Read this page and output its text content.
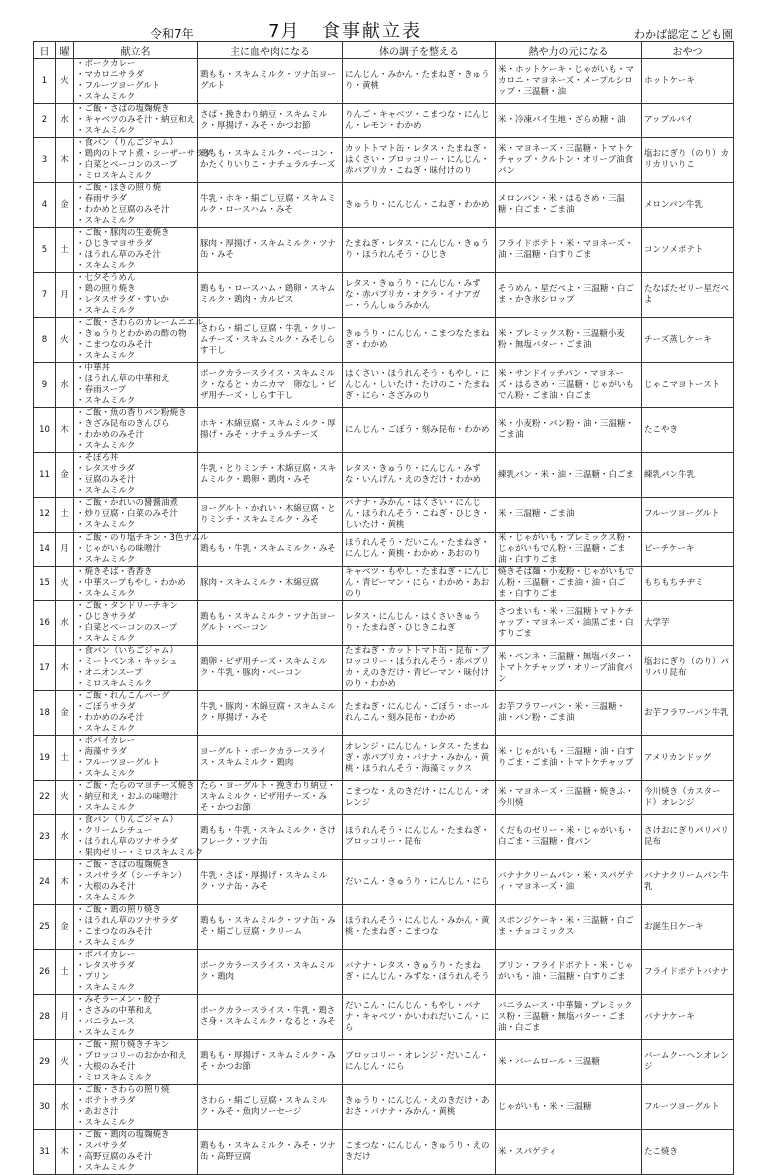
令和7年	7月 食事献立表	わかば認定こども園
日	曜	献立名	主に血や肉になる	体の調子を整える	熱や力の元になる	おやつ
1	火	・ポークカレー
・マカロニサラダ
・フルーツヨーグルト
・スキムミルク	鶏もも・スキムミルク・ツナ缶ヨーグルト	にんじん・みかん・たまねぎ・きゅうり・黄桃	米・ホットケーキ・じゃがいも・マカロニ・マヨネーズ・メープルシロップ・三温糖・油	ホットケーキ
2	水	・ご飯・さばの塩麹焼き
・キャベツのみそ汁・納豆和え
・スキムミルク	さば・挽きわり納豆・スキムミルク・厚揚げ・みそ・かつお節	りんご・キャベツ・こまつな・にんじん・レモン・わかめ	米・冷凍パイ生地・ざらめ糖・油	アップルパイ
3	木	・食パン（りんごジャム）
・鶏肉のトマト煮・シーザーサラダ
・白菜とベーコンのスープ
・ミロスキムミルク	鶏もも・スキムミルク・ベーコン・かたくりいりこ・ナチュラルチーズ	カットトマト缶・レタス・たまねぎ・はくさい・ブロッコリー・にんじん・赤パプリカ・こねぎ・昧付けのり	米・マヨネーズ・三温糖・トマトケチャップ・クルトン・オリーブ油食パン	塩おにぎり（のり）カリカリいりこ
4	金	・ご飯・ほきの照り焼
・春雨サラダ
・わかめと豆腐のみそ汁
・スキムミルク	牛乳・ホキ・絹ごし豆腐・スキムミルク・ロースハム・みそ	きゅうり・にんじん・こねぎ・わかめ	メロンパン・米・はるさめ・三温糖・白ごま・ごま油	メロンパン牛乳
5	土	・ご飯・豚肉の生姜焼き
・ひじきマヨサラダ
・ほうれん草のみそ汁
・スキムミルク	豚肉・厚揚げ・スキムミルク・ツナ缶・みそ	たまねぎ・レタス・にんじん・きゅうり・ほうれんそう・ひじき	フライドポテト・米・マヨネーズ・油・三温糖・白すりごま	コンソメポテト
7	月	・七夕そうめん
・鶏の照り焼き
・レタスサラダ・すいか
・スキムミルク	鶏もも・ロースハム・鶏卵・スキムミルク・鶏肉・カルピス	レタス・きゅうり・にんじん・みずな・赤パプリカ・オクラ・イナアガー・うんしゅうみかん	そうめん・星だぺよ・三温糖・白ごま・かき氷シロップ	たなばたゼリー星だぺよ
8	火	・ご飯・さわらのカレームニエル
・きゅうりとわかめの酢の物
・こまつなのみそ汁
・スキムミルク	さわら・絹ごし豆腐・牛乳・クリームチーズ・スキムミルク・みそしらす干し	きゅうり・にんじん・こまつなたまねぎ・わかめ	米・プレミックス粉・三温糖小麦粉・無塩バター・ごま油	チーズ蒸しケーキ
9	水	・中華丼
・ほうれん草の中華和え
・春雨スープ
・スキムミルク	ポークカラースライス・スキムミルク・なると・カニカマ　卵なし・ピザ用チーズ・しらす干し	はくさい・ほうれんそう・もやし・にんじん・しいたけ・たけのこ・たまねぎ・にら・さざみのり	米・サンドイッチパン・マヨネーズ・はるさめ・三温糖・じゃがいもでん粉・ごま油・白ごま	じゃこマヨトースト
10	木	・ご飯・魚の香りパン粉焼き
・きざみ昆布のきんぴら
・わかめのみそ汁
・スキムミルク	ホキ・木綿豆腐・スキムミルク・厚揚げ・みそ・ナチュラルチーズ	にんじん・ごぼう・刻み昆布・わかめ	米・小麦粉・パン粉・油・三温糖・ごま油	たこやき
11	金	・そぼろ丼
・レタスサラダ
・豆腐のみそ汁
・スキムミルク	牛乳・とりミンチ・木綿豆腐・スキムミルク・鶏卵・鶏肉・みそ	レタス・きゅうり・にんじん・みずな・いんげん・えのきだけ・わかめ	練乳パン・米・油・三温糖・白ごま	練乳パン牛乳
12	土	・ご飯・かれいの醤醤油煮
・炒り豆腐・白菜のみそ汁
・スキムミルク	ヨーグルト・かれい・木綿豆腐・とりミンチ・スキムミルク・みそ	バナナ・みかん・はくさい・にんじん・ほうれんそう・こねぎ・ひじき・しいたけ・黄桃	米・三温糖・ごま油	フルーツヨーグルト
14	月	・ご飯・のり塩チキン・3色ナムル
・じゃがいもの味噌汁
・スキムミルク	鶏もも・牛乳・スキムミルク・みそ	ほうれんそう・だいこん・たまねぎ・にんじん・黄桃・わかめ・あおのり	米・じゃがいも・プレミックス粉・じゃがいもでん粉・三温糖・ごま油・白すりごま	ピーチケーキ
15	火	・焼きそば・香香き
・中華スープもやし・わかめ
・スキムミルク	豚肉・スキムミルク・木綿豆腐	キャベツ・もやし・たまねぎ・にんじん・青ピーマン・にら・わかめ・あおのり	焼きそば麺・小麦粉・じゃがいもでん粉・三温糖・ごま油・油・白ごま・白すりごま	もちもちチヂミ
16	水	・ご飯・タンドリーチキン
・ひじきサラダ
・白菜とベーコンのスープ
・スキムミルク	鶏もも・スキムミルク・ツナ缶ヨーグルト・ベーコン	レタス・にんじん・はくさいきゅうり・たまねぎ・ひじきこねぎ	さつまいも・米・三温糖トマトケチャップ・マヨネーズ・油黒ごま・白すりごま	大学芋
17	木	・食パン（いちごジャム）
・ミートペンネ・キッシュ
・オニオンスープ
・ミロスキムミルク	鶏卵・ピザ用チーズ・スキムミルク・牛乳・豚肉・ベーコン	たまねぎ・カットトマト缶・昆布・ブロッコリー・ほうれんそう・赤パプリカ・えのきだけ・青ピーマン・昧付けのり・わかめ	米・ペンネ・三温糖・無塩バター・トマトケチャップ・オリーブ油食パン	塩おにぎり（のり）パリパリ昆布
18	金	・ご飯・れんこんバーグ
・ごぼうサラダ
・わかめのみそ汁
・スキムミルク	牛乳・豚肉・木綿豆腐・スキムミルク・厚揚げ・みそ	たまねぎ・にんじん・ごぼう・ホールれんこん・刻み昆布・わかめ	お芋フラワーパン・米・三温糖・油・パン粉・ごま油	お芋フラワーパン牛乳
19	土	・ポパイカレー
・海藻サラダ
・フルーツヨーグルト
・スキムミルク	ヨーグルト・ポークカラースライス・スキムミルク・鶏肉	オレンジ・にんじん・レタス・たまねぎ・赤パプリカ・バナナ・みかん・黄桃・ほうれんそう・海藻ミックス	米・じゃがいも・三温糖・油・白すりごま・ごま油・トマトケチャップ	アメリカンドッグ
22	火	・ご飯・たらのマヨチーズ焼き
・納豆和え・おふの味噌汁
・スキムミルク	たら・ヨーグルト・挽きわり納豆・スキムミルク・ピザ用チーズ・みそ・かつお節	こまつな・えのきだけ・にんじん・オレンジ	米・マヨネーズ・三温糖・焼きふ・今川焼	今川焼き（カスタード）オレンジ
23	水	・食パン（りんごジャム）
・クリームシチュー
・ほうれん草のツナサラダ
・果肉ゼリー・ミロスキムミルク	鶏もも・牛乳・スキムミルク・さけフレーク・ツナ缶	ほうれんそう・にんじん・たまねぎ・ブロッコリー・昆布	くだものゼリー・米・じゃがいも・白ごま・三温糖・食パン	さけおにぎりパリパリ昆布
24	木	・ご飯・さばの塩麹焼き
・スパサラダ（シーチキン）
・大根のみそ汁
・スキムミルク	牛乳・さば・厚揚げ・スキムミルク・ツナ缶・みそ	だいこん・きゅうり・にんじん・にら	バナナクリームパン・米・スパゲティ・マヨネーズ・油	バナナクリームパン牛乳
25	金	・ご飯・鶏の照り焼き
・ほうれん草のツナサラダ
・こまつなのみそ汁
・スキムミルク	鶏もも・スキムミルク・ツナ缶・みそ・絹ごし豆腐・クリーム	ほうれんそう・にんじん・みかん・黄桃・たまねぎ・こまつな	スポンジケーキ・米・三温糖・白ごま・チョコミックス	お誕生日ケーキ
26	土	・ポパイカレー
・レタスサラダ
・プリン
・スキムミルク	ポークカラースライス・スキムミルク・鶏肉	バナナ・レタス・きゅうり・たまねぎ・にんじん・みずな・ほうれんそう	プリン・フライドポテト・米・じゃがいも・油・三温糖・白すりごま	フライドポテトバナナ
28	月	・みそラーメン・餃子
・ささみの中華和え
・バニラムース
・スキムミルク	ポークカラースライス・牛乳・鶏ささ身・スキムミルク・なると・みそ	だいこん・にんじん・もやし・バナナ・キャベツ・かいわれだいこん・にら	バニラムース・中華麺・プレミックス粉・三温糖・無塩バター・ごま油・白ごま	バナナケーキ
29	火	・ご飯・照り焼きチキン
・ブロッコリーのおかか和え
・大根のみそ汁
・ミロスキムミルク	鶏もも・厚揚げ・スキムミルク・みそ・かつお節	ブロッコリー・オレンジ・だいこん・にんじん・にら	米・バームロール・三温糖	バームクーヘンオレンジ
30	水	・ご飯・さわらの照り焼
・ポテトサラダ
・あおさ汁
・スキムミルク	さわら・絹ごし豆腐・スキムミルク・みそ・魚肉ソーセージ	きゅうり・にんじん・えのきだけ・あおさ・バナナ・みかん・黄桃	じゃがいも・米・三温糖	フルーツヨーグルト
31	木	・ご飯・鶏肉の塩麹焼き
・スパサラダ
・高野豆腐のみそ汁
・スキムミルク	鶏もも・スキムミルク・みそ・ツナ缶・高野豆腐	こまつな・にんじん・きゅうり・えのきだけ	米・スパゲティ	たこ焼き
